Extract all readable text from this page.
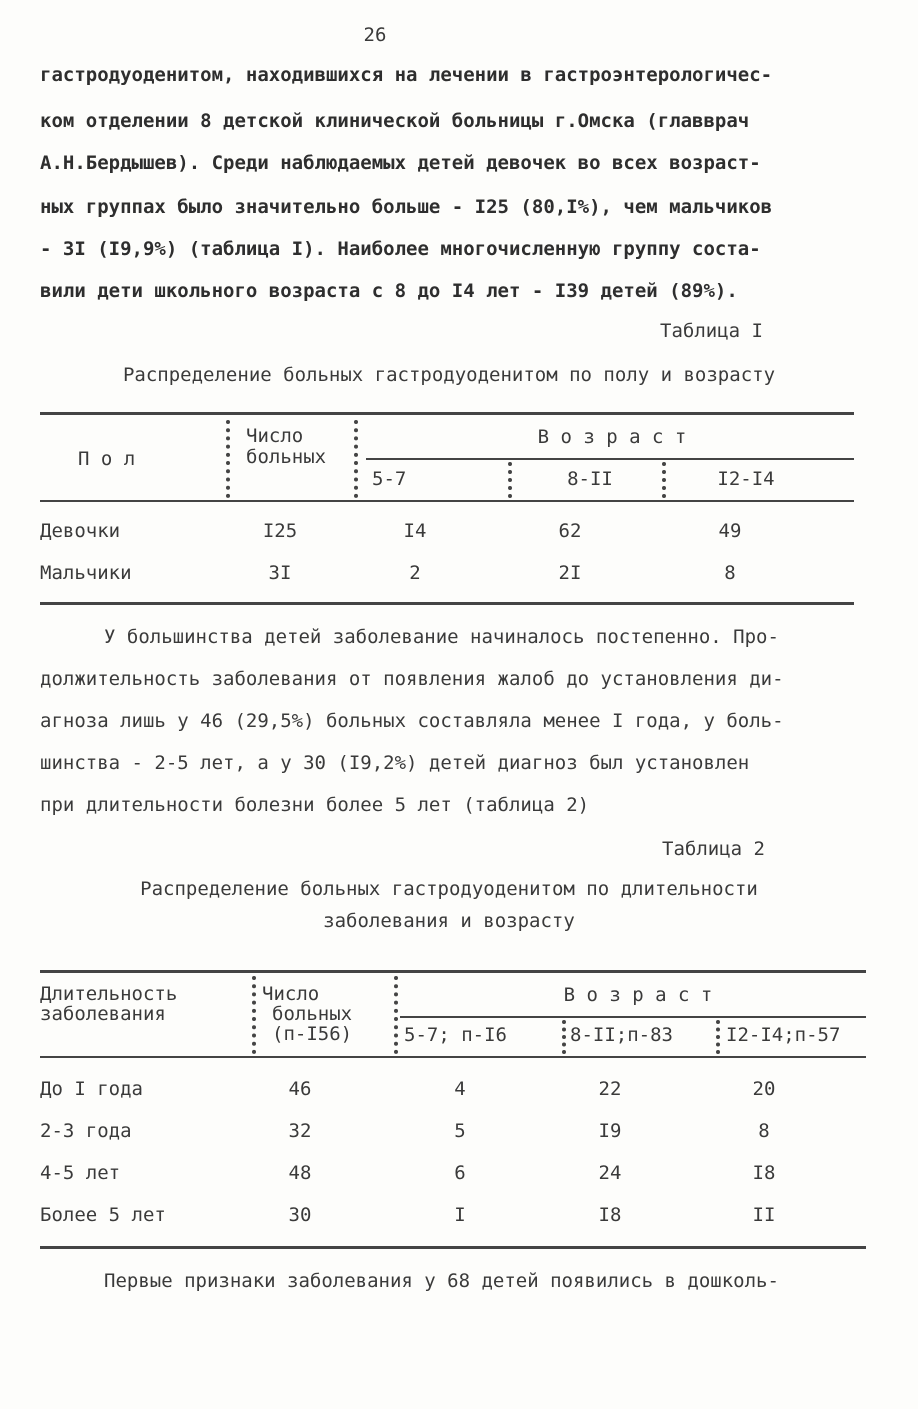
26
гастродуоденитом, находившихся на лечении в гастроэнтерологичес-
ком отделении 8 детской клинической больницы г.Омска (главврач
А.Н.Бердышев). Среди наблюдаемых детей девочек во всех возраст-
ных группах было значительно больше - I25 (80,I%), чем мальчиков
- 3I (I9,9%) (таблица I). Наиболее многочисленную группу соста-
вили дети школьного возраста с 8 до I4 лет - I39 детей (89%).
Таблица I
Распределение больных гастродуоденитом по полу и возрасту
П о л
Число
больных
В о з р а с т
5-7	8-II	I2-I4
Девочки	I25	I4	62	49
Мальчики	3I	2	2I	8
У большинства детей заболевание начиналось постепенно. Про-
должительность заболевания от появления жалоб до установления ди-
агноза лишь у 46 (29,5%) больных составляла менее I года, у боль-
шинства - 2-5 лет, а у 30 (I9,2%) детей диагноз был установлен
при длительности болезни более 5 лет (таблица 2)
Таблица 2
Распределение больных гастродуоденитом по длительности
заболевания и возрасту
Длительность
заболевания
Число
больных
(п-I56)
В о з р а с т
5-7; п-I6	8-II;п-83	I2-I4;п-57
До I года	46	4	22	20
2-3 года	32	5	I9	8
4-5 лет	48	6	24	I8
Более 5 лет	30	I	I8	II
Первые признаки заболевания у 68 детей появились в дошколь-
